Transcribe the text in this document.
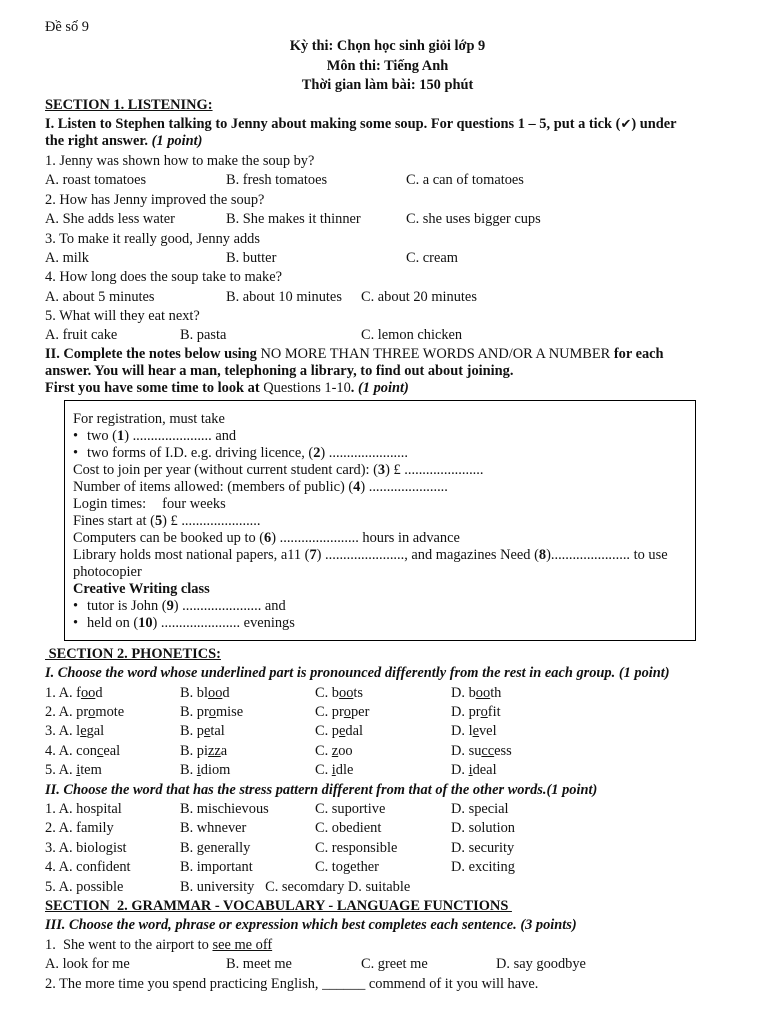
Đề số 9
Kỳ thi: Chọn học sinh giỏi lớp 9
Môn thi: Tiếng Anh
Thời gian làm bài: 150 phút
SECTION 1. LISTENING:
I. Listen to Stephen talking to Jenny about making some soup. For questions 1 – 5, put a tick (✔) under
the right answer. (1 point)
1. Jenny was shown how to make the soup by?
A. roast tomatoes	B. fresh tomatoes	C. a can of tomatoes
2. How has Jenny improved the soup?
A. She adds less water	B. She makes it thinner	C. she uses bigger cups
3. To make it really good, Jenny adds
A. milk	B. butter	C. cream
4. How long does the soup take to make?
A. about 5 minutes	B. about 10 minutes C. about 20 minutes
5. What will they eat next?
A. fruit cake	B. pasta	C. lemon chicken
II. Complete the notes below using NO MORE THAN THREE WORDS AND/OR A NUMBER for each
answer. You will hear a man, telephoning a library, to find out about joining.
First you have some time to look at Questions 1-10. (1 point)
For registration, must take
• two (1) ...................... and
• two forms of I.D. e.g. driving licence, (2) ......................
Cost to join per year (without current student card): (3) £ ......................
Number of items allowed: (members of public) (4) ......................
Login times: four weeks
Fines start at (5) £ ......................
Computers can be booked up to (6) ...................... hours in advance
Library holds most national papers, a11 (7) ......................, and magazines Need (8)...................... to use photocopier
Creative Writing class
• tutor is John (9) ...................... and
• held on (10) ...................... evenings
SECTION 2. PHONETICS:
I. Choose the word whose underlined part is pronounced differently from the rest in each group. (1 point)
1. A. food	B. blood	C. boots	D. booth
2. A. promote	B. promise	C. proper	D. profit
3. A. legal	B. petal	C. pedal	D. level
4. A. conceal	B. pizza	C. zoo	D. success
5. A. item	B. idiom	C. idle	D. ideal
II. Choose the word that has the stress pattern different from that of the other words.(1 point)
1. A. hospital	B. mischievous	C. suportive	D. special
2. A. family	B. whnever	C. obedient	D. solution
3. A. biologist	B. generally	C. responsible	D. security
4. A. confident	B. important	C. together	D. exciting
5. A. possible	B. university   C. secomdary D. suitable
SECTION  2. GRAMMAR - VOCABULARY - LANGUAGE FUNCTIONS
III. Choose the word, phrase or expression which best completes each sentence. (3 points)
1.  She went to the airport to see me off
A. look for me	B. meet me	C. greet me	D. say goodbye
2. The more time you spend practicing English, ______ commend of it you will have.
